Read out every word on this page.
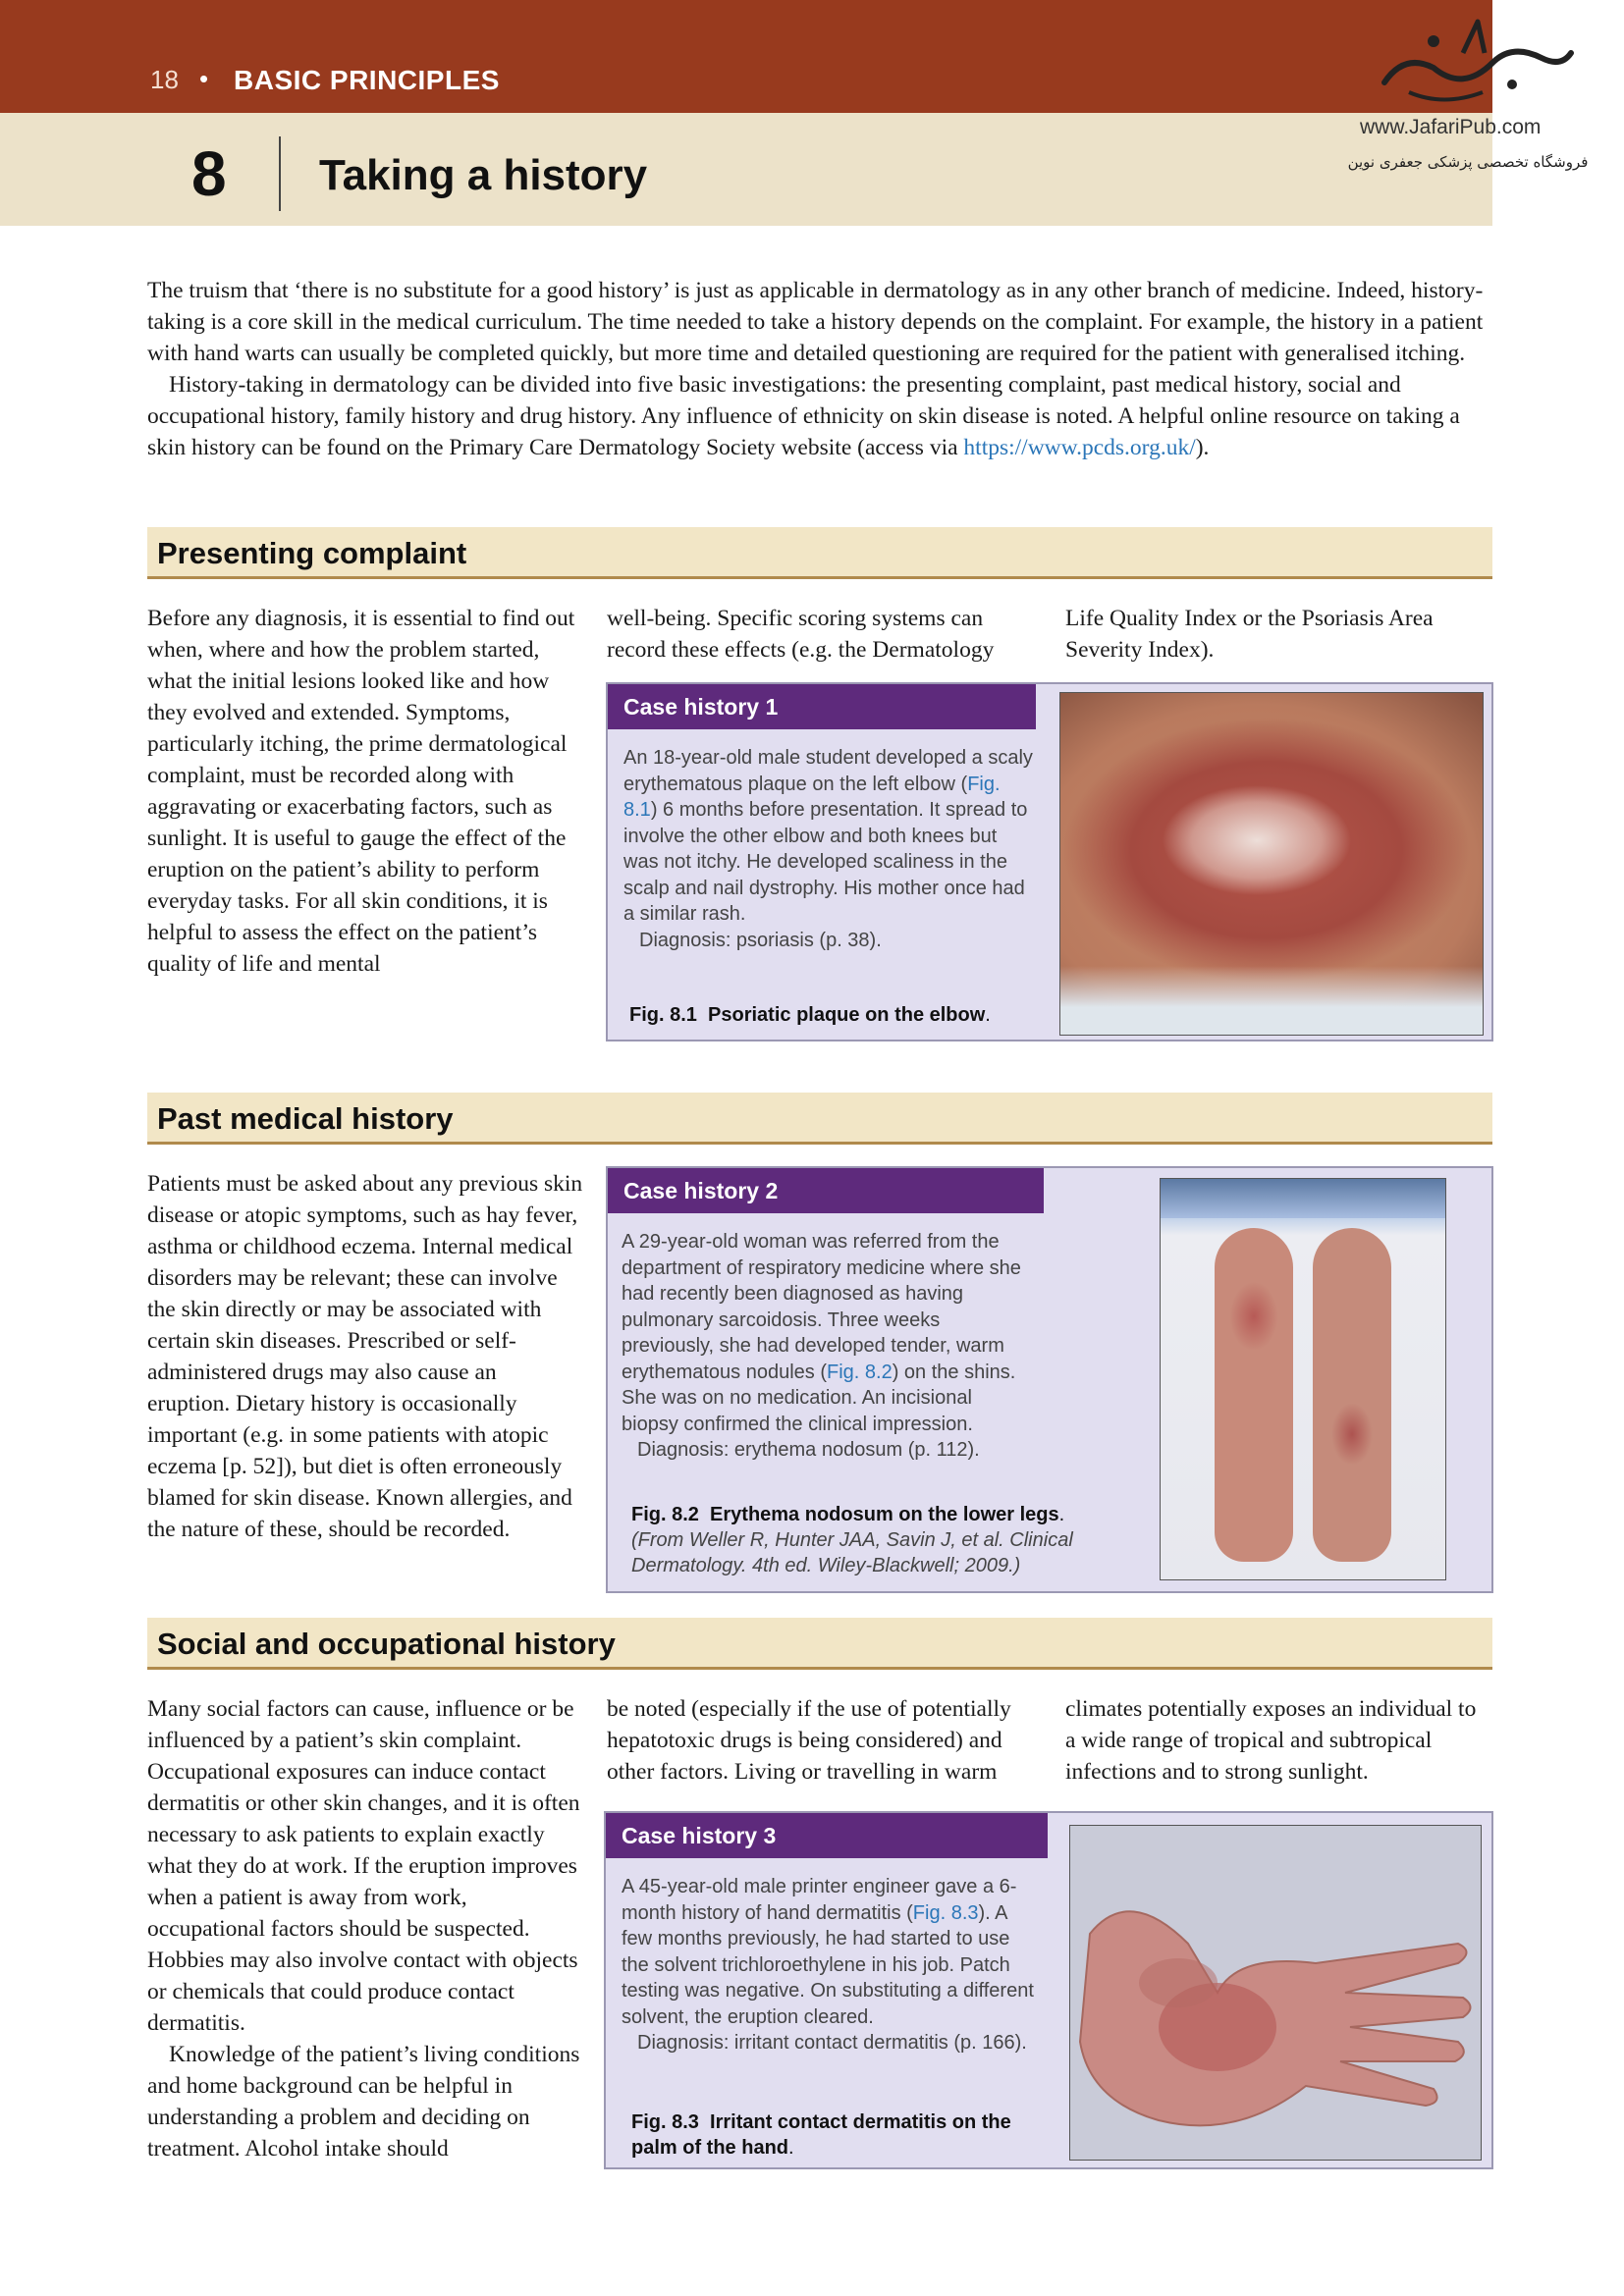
18 • BASIC PRINCIPLES
8 Taking a history
www.JafariPub.com
فروشگاه تخصصی پزشکی جعفری نوین

The truism that ‘there is no substitute for a good history’ is just as applicable in dermatology as in any other branch of medicine. Indeed, history-taking is a core skill in the medical curriculum. The time needed to take a history depends on the complaint. For example, the history in a patient with hand warts can usually be completed quickly, but more time and detailed questioning are required for the patient with generalised itching.

History-taking in dermatology can be divided into five basic investigations: the presenting complaint, past medical history, social and occupational history, family history and drug history. Any influence of ethnicity on skin disease is noted. A helpful online resource on taking a skin history can be found on the Primary Care Dermatology Society website (access via https://www.pcds.org.uk/).

Presenting complaint

Before any diagnosis, it is essential to find out when, where and how the problem started, what the initial lesions looked like and how they evolved and extended. Symptoms, particularly itching, the prime dermatological complaint, must be recorded along with aggravating or exacerbating factors, such as sunlight. It is useful to gauge the effect of the eruption on the patient’s ability to perform everyday tasks. For all skin conditions, it is helpful to assess the effect on the patient’s quality of life and mental

well-being. Specific scoring systems can record these effects (e.g. the Dermatology

Life Quality Index or the Psoriasis Area Severity Index).

Case history 1

An 18-year-old male student developed a scaly erythematous plaque on the left elbow (Fig. 8.1) 6 months before presentation. It spread to involve the other elbow and both knees but was not itchy. He developed scaliness in the scalp and nail dystrophy. His mother once had a similar rash.

Diagnosis: psoriasis (p. 38).

Fig. 8.1 Psoriatic plaque on the elbow.
Past medical history

Patients must be asked about any previous skin disease or atopic symptoms, such as hay fever, asthma or childhood eczema. Internal medical disorders may be relevant; these can involve the skin directly or may be associated with certain skin diseases. Prescribed or self-administered drugs may also cause an eruption. Dietary history is occasionally important (e.g. in some patients with atopic eczema [p. 52]), but diet is often erroneously blamed for skin disease. Known allergies, and the nature of these, should be recorded.

Case history 2

A 29-year-old woman was referred from the department of respiratory medicine where she had recently been diagnosed as having pulmonary sarcoidosis. Three weeks previously, she had developed tender, warm erythematous nodules (Fig. 8.2) on the shins. She was on no medication. An incisional biopsy confirmed the clinical impression.

Diagnosis: erythema nodosum (p. 112).

Fig. 8.2 Erythema nodosum on the lower legs.
(From Weller R, Hunter JAA, Savin J, et al. Clinical Dermatology. 4th ed. Wiley-Blackwell; 2009.)
Social and occupational history

Many social factors can cause, influence or be influenced by a patient’s skin complaint. Occupational exposures can induce contact dermatitis or other skin changes, and it is often necessary to ask patients to explain exactly what they do at work. If the eruption improves when a patient is away from work, occupational factors should be suspected. Hobbies may also involve contact with objects or chemicals that could produce contact dermatitis.

Knowledge of the patient’s living conditions and home background can be helpful in understanding a problem and deciding on treatment. Alcohol intake should

be noted (especially if the use of potentially hepatotoxic drugs is being considered) and other factors. Living or travelling in warm

climates potentially exposes an individual to a wide range of tropical and subtropical infections and to strong sunlight.

Case history 3

A 45-year-old male printer engineer gave a 6-month history of hand dermatitis (Fig. 8.3). A few months previously, he had started to use the solvent trichloroethylene in his job. Patch testing was negative. On substituting a different solvent, the eruption cleared.

Diagnosis: irritant contact dermatitis (p. 166).

Fig. 8.3 Irritant contact dermatitis on the palm of the hand.
